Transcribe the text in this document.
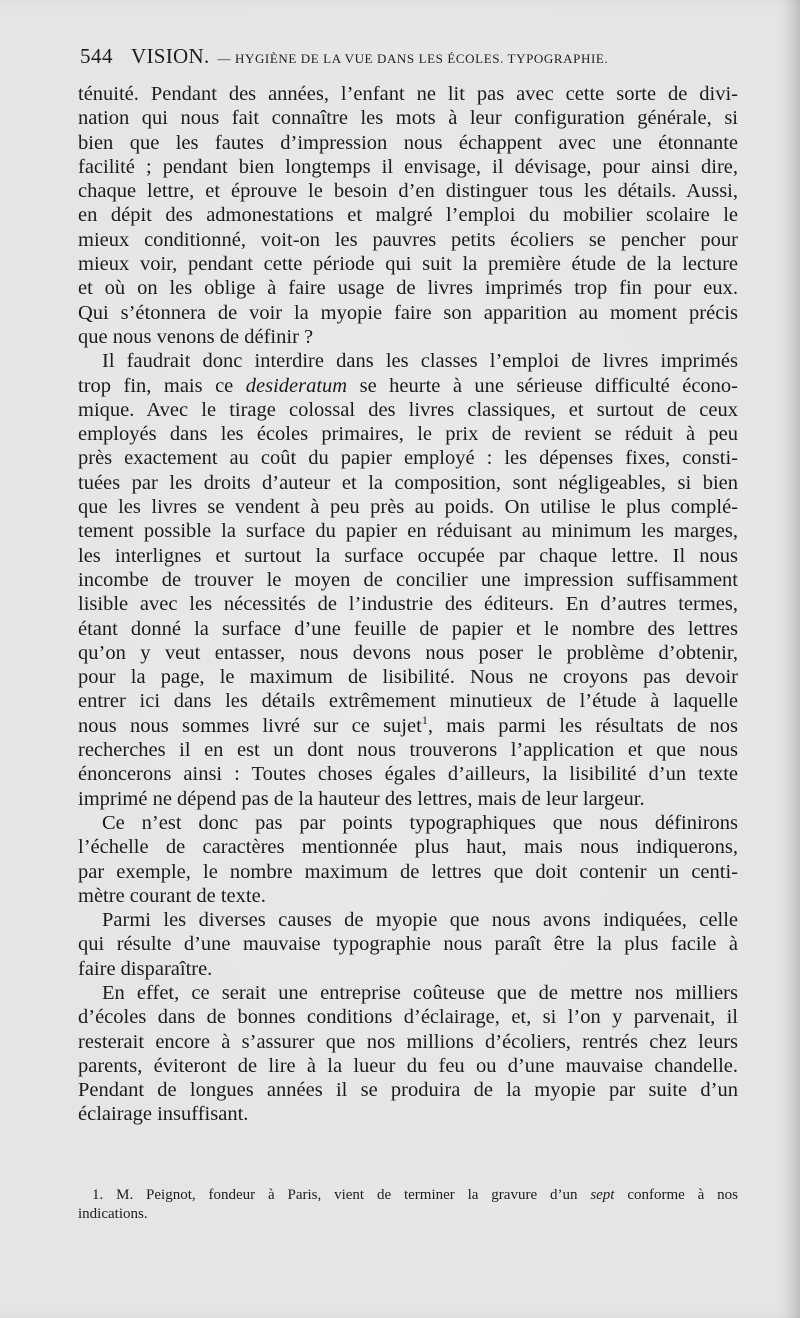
544 VISION. — HYGIÈNE DE LA VUE DANS LES ÉCOLES. TYPOGRAPHIE.
ténuité. Pendant des années, l’enfant ne lit pas avec cette sorte de divi-
nation qui nous fait connaître les mots à leur configuration générale, si
bien que les fautes d’impression nous échappent avec une étonnante
facilité ; pendant bien longtemps il envisage, il dévisage, pour ainsi dire,
chaque lettre, et éprouve le besoin d’en distinguer tous les détails. Aussi,
en dépit des admonestations et malgré l’emploi du mobilier scolaire le
mieux conditionné, voit-on les pauvres petits écoliers se pencher pour
mieux voir, pendant cette période qui suit la première étude de la lecture
et où on les oblige à faire usage de livres imprimés trop fin pour eux.
Qui s’étonnera de voir la myopie faire son apparition au moment précis
que nous venons de définir ?
Il faudrait donc interdire dans les classes l’emploi de livres imprimés
trop fin, mais ce desideratum se heurte à une sérieuse difficulté écono-
mique. Avec le tirage colossal des livres classiques, et surtout de ceux
employés dans les écoles primaires, le prix de revient se réduit à peu
près exactement au coût du papier employé : les dépenses fixes, consti-
tuées par les droits d’auteur et la composition, sont négligeables, si bien
que les livres se vendent à peu près au poids. On utilise le plus complé-
tement possible la surface du papier en réduisant au minimum les marges,
les interlignes et surtout la surface occupée par chaque lettre. Il nous
incombe de trouver le moyen de concilier une impression suffisamment
lisible avec les nécessités de l’industrie des éditeurs. En d’autres termes,
étant donné la surface d’une feuille de papier et le nombre des lettres
qu’on y veut entasser, nous devons nous poser le problème d’obtenir,
pour la page, le maximum de lisibilité. Nous ne croyons pas devoir
entrer ici dans les détails extrêmement minutieux de l’étude à laquelle
nous nous sommes livré sur ce sujet$^1$, mais parmi les résultats de nos
recherches il en est un dont nous trouverons l’application et que nous
énoncerons ainsi : Toutes choses égales d’ailleurs, la lisibilité d’un texte
imprimé ne dépend pas de la hauteur des lettres, mais de leur largeur.
Ce n’est donc pas par points typographiques que nous définirons
l’échelle de caractères mentionnée plus haut, mais nous indiquerons,
par exemple, le nombre maximum de lettres que doit contenir un centi-
mètre courant de texte.
Parmi les diverses causes de myopie que nous avons indiquées, celle
qui résulte d’une mauvaise typographie nous paraît être la plus facile à
faire disparaître.
En effet, ce serait une entreprise coûteuse que de mettre nos milliers
d’écoles dans de bonnes conditions d’éclairage, et, si l’on y parvenait, il
resterait encore à s’assurer que nos millions d’écoliers, rentrés chez leurs
parents, éviteront de lire à la lueur du feu ou d’une mauvaise chandelle.
Pendant de longues années il se produira de la myopie par suite d’un
éclairage insuffisant.
1. M. Peignot, fondeur à Paris, vient de terminer la gravure d’un sept conforme à nos
indications.
